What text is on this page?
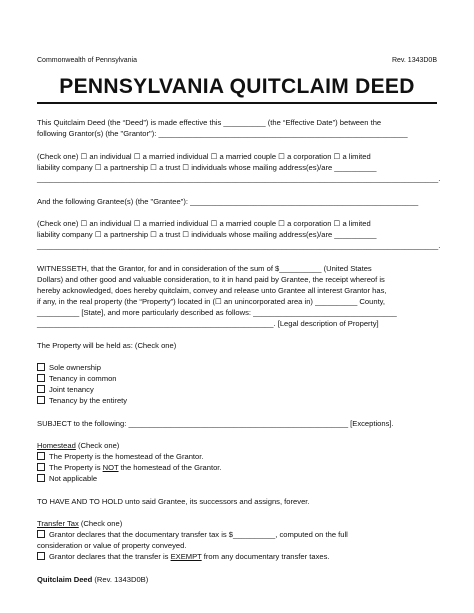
Commonwealth of Pennsylvania	Rev. 1343D0B
PENNSYLVANIA QUITCLAIM DEED
This Quitclaim Deed (the “Deed”) is made effective this __________ (the “Effective Date”) between the
following Grantor(s) (the "Grantor"): ___________________________________________________________
(Check one) ☐ an individual ☐ a married individual ☐ a married couple ☐ a corporation ☐ a limited
liability company ☐ a partnership ☐ a trust ☐ individuals whose mailing address(es)/are __________
_______________________________________________________________________________________________.
And the following Grantee(s) (the "Grantee"): ______________________________________________________
(Check one) ☐ an individual ☐ a married individual ☐ a married couple ☐ a corporation ☐ a limited
liability company ☐ a partnership ☐ a trust ☐ individuals whose mailing address(es)/are __________
_______________________________________________________________________________________________.
WITNESSETH, that the Grantor, for and in consideration of the sum of $__________ (United States
Dollars) and other good and valuable consideration, to it in hand paid by Grantee, the receipt whereof is
hereby acknowledged, does hereby quitclaim, convey and release unto Grantee all interest Grantor has,
if any, in the real property (the “Property”) located in (☐ an unincorporated area in) __________ County,
__________ [State], and more particularly described as follows: __________________________________
________________________________________________________. [Legal description of Property]
The Property will be held as: (Check one)
Sole ownership
Tenancy in common
Joint tenancy
Tenancy by the entirety
SUBJECT to the following: ____________________________________________________ [Exceptions].
Homestead (Check one)
The Property is the homestead of the Grantor.
The Property is NOT the homestead of the Grantor.
Not applicable
TO HAVE AND TO HOLD unto said Grantee, its successors and assigns, forever.
Transfer Tax (Check one)
Grantor declares that the documentary transfer tax is $__________, computed on the full
consideration or value of property conveyed.
Grantor declares that the transfer is EXEMPT from any documentary transfer taxes.
Quitclaim Deed (Rev. 1343D0B)
